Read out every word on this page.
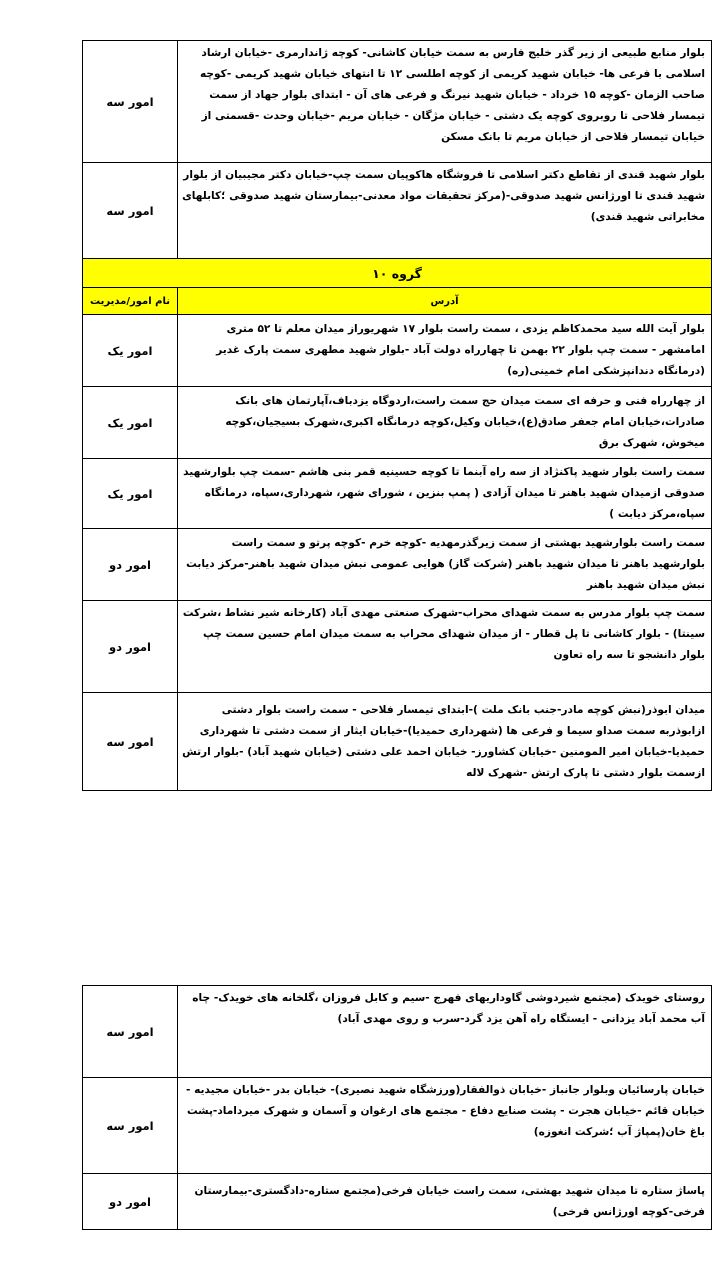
بلوار منابع طبیعی از زیر گذر خلیج فارس به سمت خیابان کاشانی- کوچه ژاندارمری -خیابان ارشاد اسلامی با فرعی ها- خیابان شهید کریمی از کوچه اطلسی ۱۲ تا انتهای خیابان شهید کریمی -کوچه صاحب الزمان -کوچه ۱۵ خرداد - خیابان شهید نیرنگ و فرعی های آن - ابتدای بلوار جهاد از سمت تیمسار فلاحی تا روبروی کوچه یک دشتی - خیابان مژگان - خیابان مریم -خیابان وحدت -قسمتی از خیابان تیمسار فلاحی از خیابان مریم تا بانک مسکن	امور سه
بلوار شهید قندی از تقاطع دکتر اسلامی تا فروشگاه هاکوپیان سمت چپ-خیابان دکتر مجیبیان از بلوار شهید قندی تا اورژانس شهید صدوقی-(مرکز تحقیقات مواد معدنی-بیمارستان شهید صدوقی ؛کابلهای مخابراتی شهید قندی)	امور سه
گروه ۱۰	
آدرس	نام امور/مدیریت
بلوار آیت الله سید محمدکاظم یزدی ، سمت راست بلوار ۱۷ شهریوراز میدان معلم تا ۵۲ متری امامشهر - سمت چپ بلوار ۲۲ بهمن تا چهارراه دولت آباد -بلوار شهید مطهری سمت پارک غدیر (درمانگاه دندانپزشکی امام خمینی(ره)	امور یک
از چهارراه فنی و حرفه ای سمت میدان حج سمت راست،اردوگاه یزدباف،آپارتمان های بانک صادرات،خیابان امام جعفر صادق(ع)،خیابان وکیل،کوچه درمانگاه اکبری،شهرک بسیجیان،کوچه میخوش، شهرک برق	امور یک
سمت راست بلوار شهید پاکنژاد از سه راه آبنما تا کوچه حسینیه قمر بنی هاشم -سمت چپ بلوارشهید صدوقی ازمیدان شهید باهنر تا میدان آزادی ( پمپ بنزین ، شورای شهر، شهرداری،سپاه، درمانگاه سپاه،مرکز دیابت )	امور یک
سمت راست بلوارشهید بهشتی از سمت زیرگذرمهدیه -کوچه خرم -کوچه پرتو و سمت راست بلوارشهید باهنر تا میدان شهید باهنر (شرکت گاز) هوایی عمومی نبش میدان شهید باهنر-مرکز دیابت نبش میدان شهید باهنر	امور دو
سمت چپ بلوار مدرس به سمت شهدای محراب-شهرک صنعتی مهدی آباد (کارخانه شیر نشاط ،شرکت سینتا) - بلوار کاشانی تا پل قطار - از میدان شهدای محراب به سمت میدان امام حسین سمت چپ بلوار دانشجو تا سه راه تعاون	امور دو
میدان ابوذر(نبش کوچه مادر-جنب بانک ملت )-ابتدای تیمسار فلاحی - سمت راست بلوار دشتی ازابوذربه سمت صداو سیما و فرعی ها (شهرداری حمیدیا)-خیابان ایثار از سمت دشتی تا شهرداری حمیدیا-خیابان امیر المومنین -خیابان کشاورز- خیابان احمد علی دشتی (خیابان شهید آباد) -بلوار ارتش ازسمت بلوار دشتی تا پارک ارتش -شهرک لاله	امور سه
روستای خویدک (مجتمع شیردوشی گاوداریهای فهرج -سیم و کابل فروزان ،گلخانه های خویدک- چاه آب محمد آباد یزدانی - ایستگاه راه آهن یزد گرد-سرب و روی مهدی آباد)	امور سه
خیابان پارسائیان وبلوار جانباز -خیابان ذوالفقار(ورزشگاه شهید نصیری)- خیابان بدر -خیابان مجیدیه - خیابان قائم -خیابان هجرت - پشت صنایع دفاع - مجتمع های ارغوان و آسمان و شهرک میرداماد-پشت باغ خان(پمپاژ آب ؛شرکت انغوزه)	امور سه
پاساژ ستاره تا میدان شهید بهشتی، سمت راست خیابان فرخی(مجتمع ستاره-دادگستری-بیمارستان فرخی-کوچه اورژانس فرخی)	امور دو
